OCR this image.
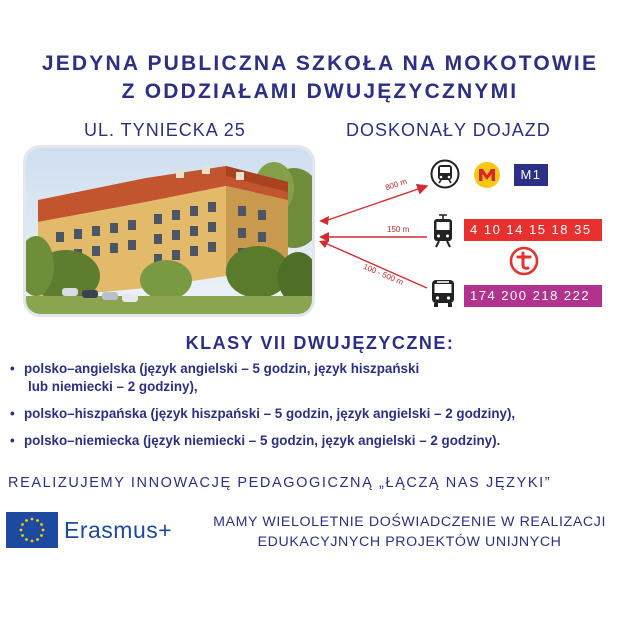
JEDYNA PUBLICZNA SZKOŁA NA MOKOTOWIE
Z ODDZIAŁAMI DWUJĘZYCZNYMI
UL. TYNIECKA 25	DOSKONAŁY DOJAZD
800 m
150 m
100 - 500 m
M1
4 10 14 15 18 35
174 200 218 222
KLASY VII DWUJĘZYCZNE:
• polsko–angielska (język angielski – 5 godzin, język hiszpański
lub niemiecki – 2 godziny),
• polsko–hiszpańska (język hiszpański – 5 godzin, język angielski – 2 godziny),
• polsko–niemiecka (język niemiecki – 5 godzin, język angielski – 2 godziny).
REALIZUJEMY INNOWACJĘ PEDAGOGICZNĄ „ŁĄCZĄ NAS JĘZYKI”
Erasmus+	MAMY WIELOLETNIE DOŚWIADCZENIE W REALIZACJI
EDUKACYJNYCH PROJEKTÓW UNIJNYCH
